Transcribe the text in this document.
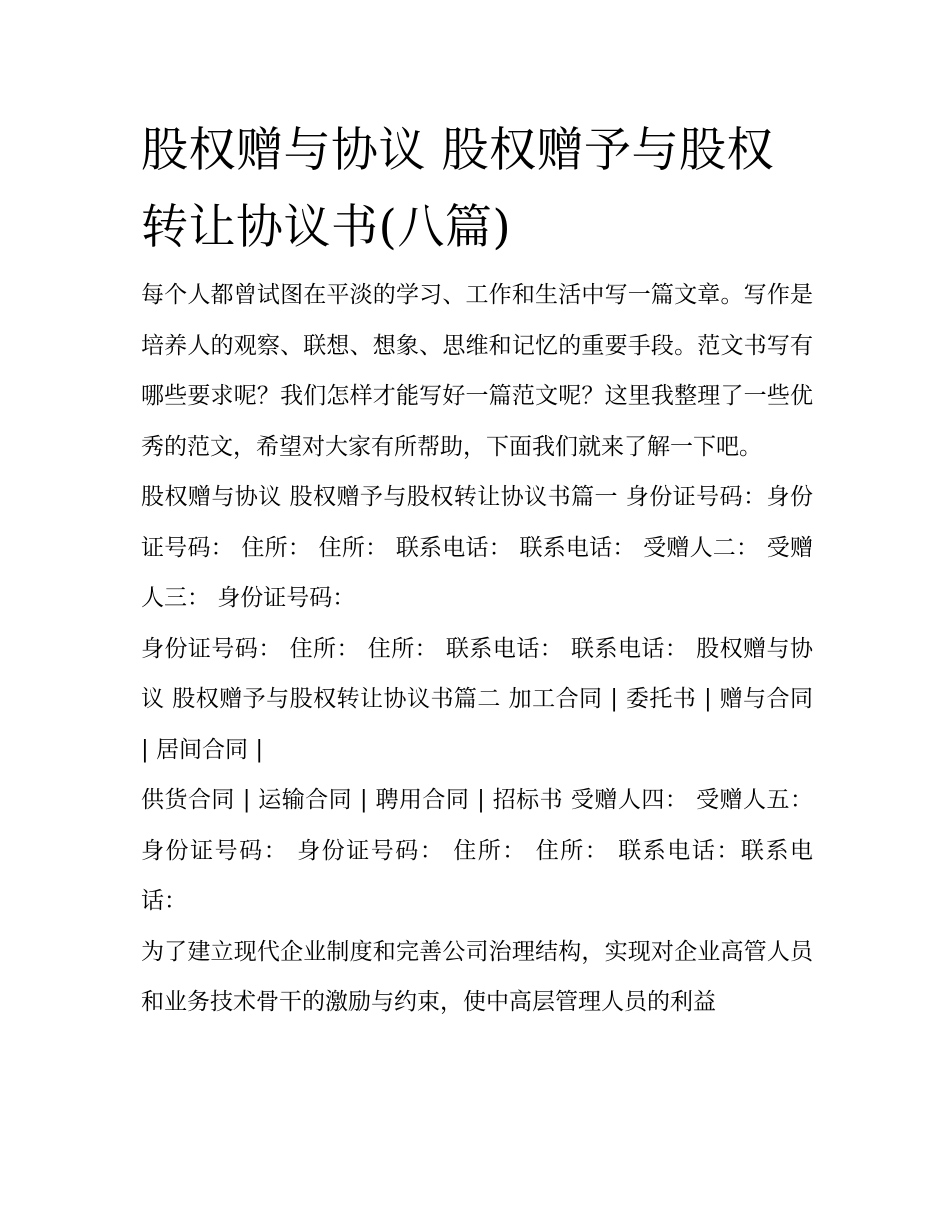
股权赠与协议 股权赠予与股权转让协议书(八篇)

每个人都曾试图在平淡的学习、工作和生活中写一篇文章。写作是培养人的观察、联想、想象、思维和记忆的重要手段。范文书写有哪些要求呢？我们怎样才能写好一篇范文呢？这里我整理了一些优秀的范文，希望对大家有所帮助，下面我们就来了解一下吧。

股权赠与协议 股权赠予与股权转让协议书篇一 身份证号码：身份证号码： 住所： 住所： 联系电话： 联系电话： 受赠人二： 受赠人三： 身份证号码：

身份证号码： 住所： 住所： 联系电话： 联系电话： 股权赠与协议 股权赠予与股权转让协议书篇二 加工合同 | 委托书 | 赠与合同 | 居间合同 |

供货合同 | 运输合同 | 聘用合同 | 招标书 受赠人四： 受赠人五： 身份证号码： 身份证号码： 住所： 住所： 联系电话：联系电话：

为了建立现代企业制度和完善公司治理结构，实现对企业高管人员和业务技术骨干的激励与约束，使中高层管理人员的利益
